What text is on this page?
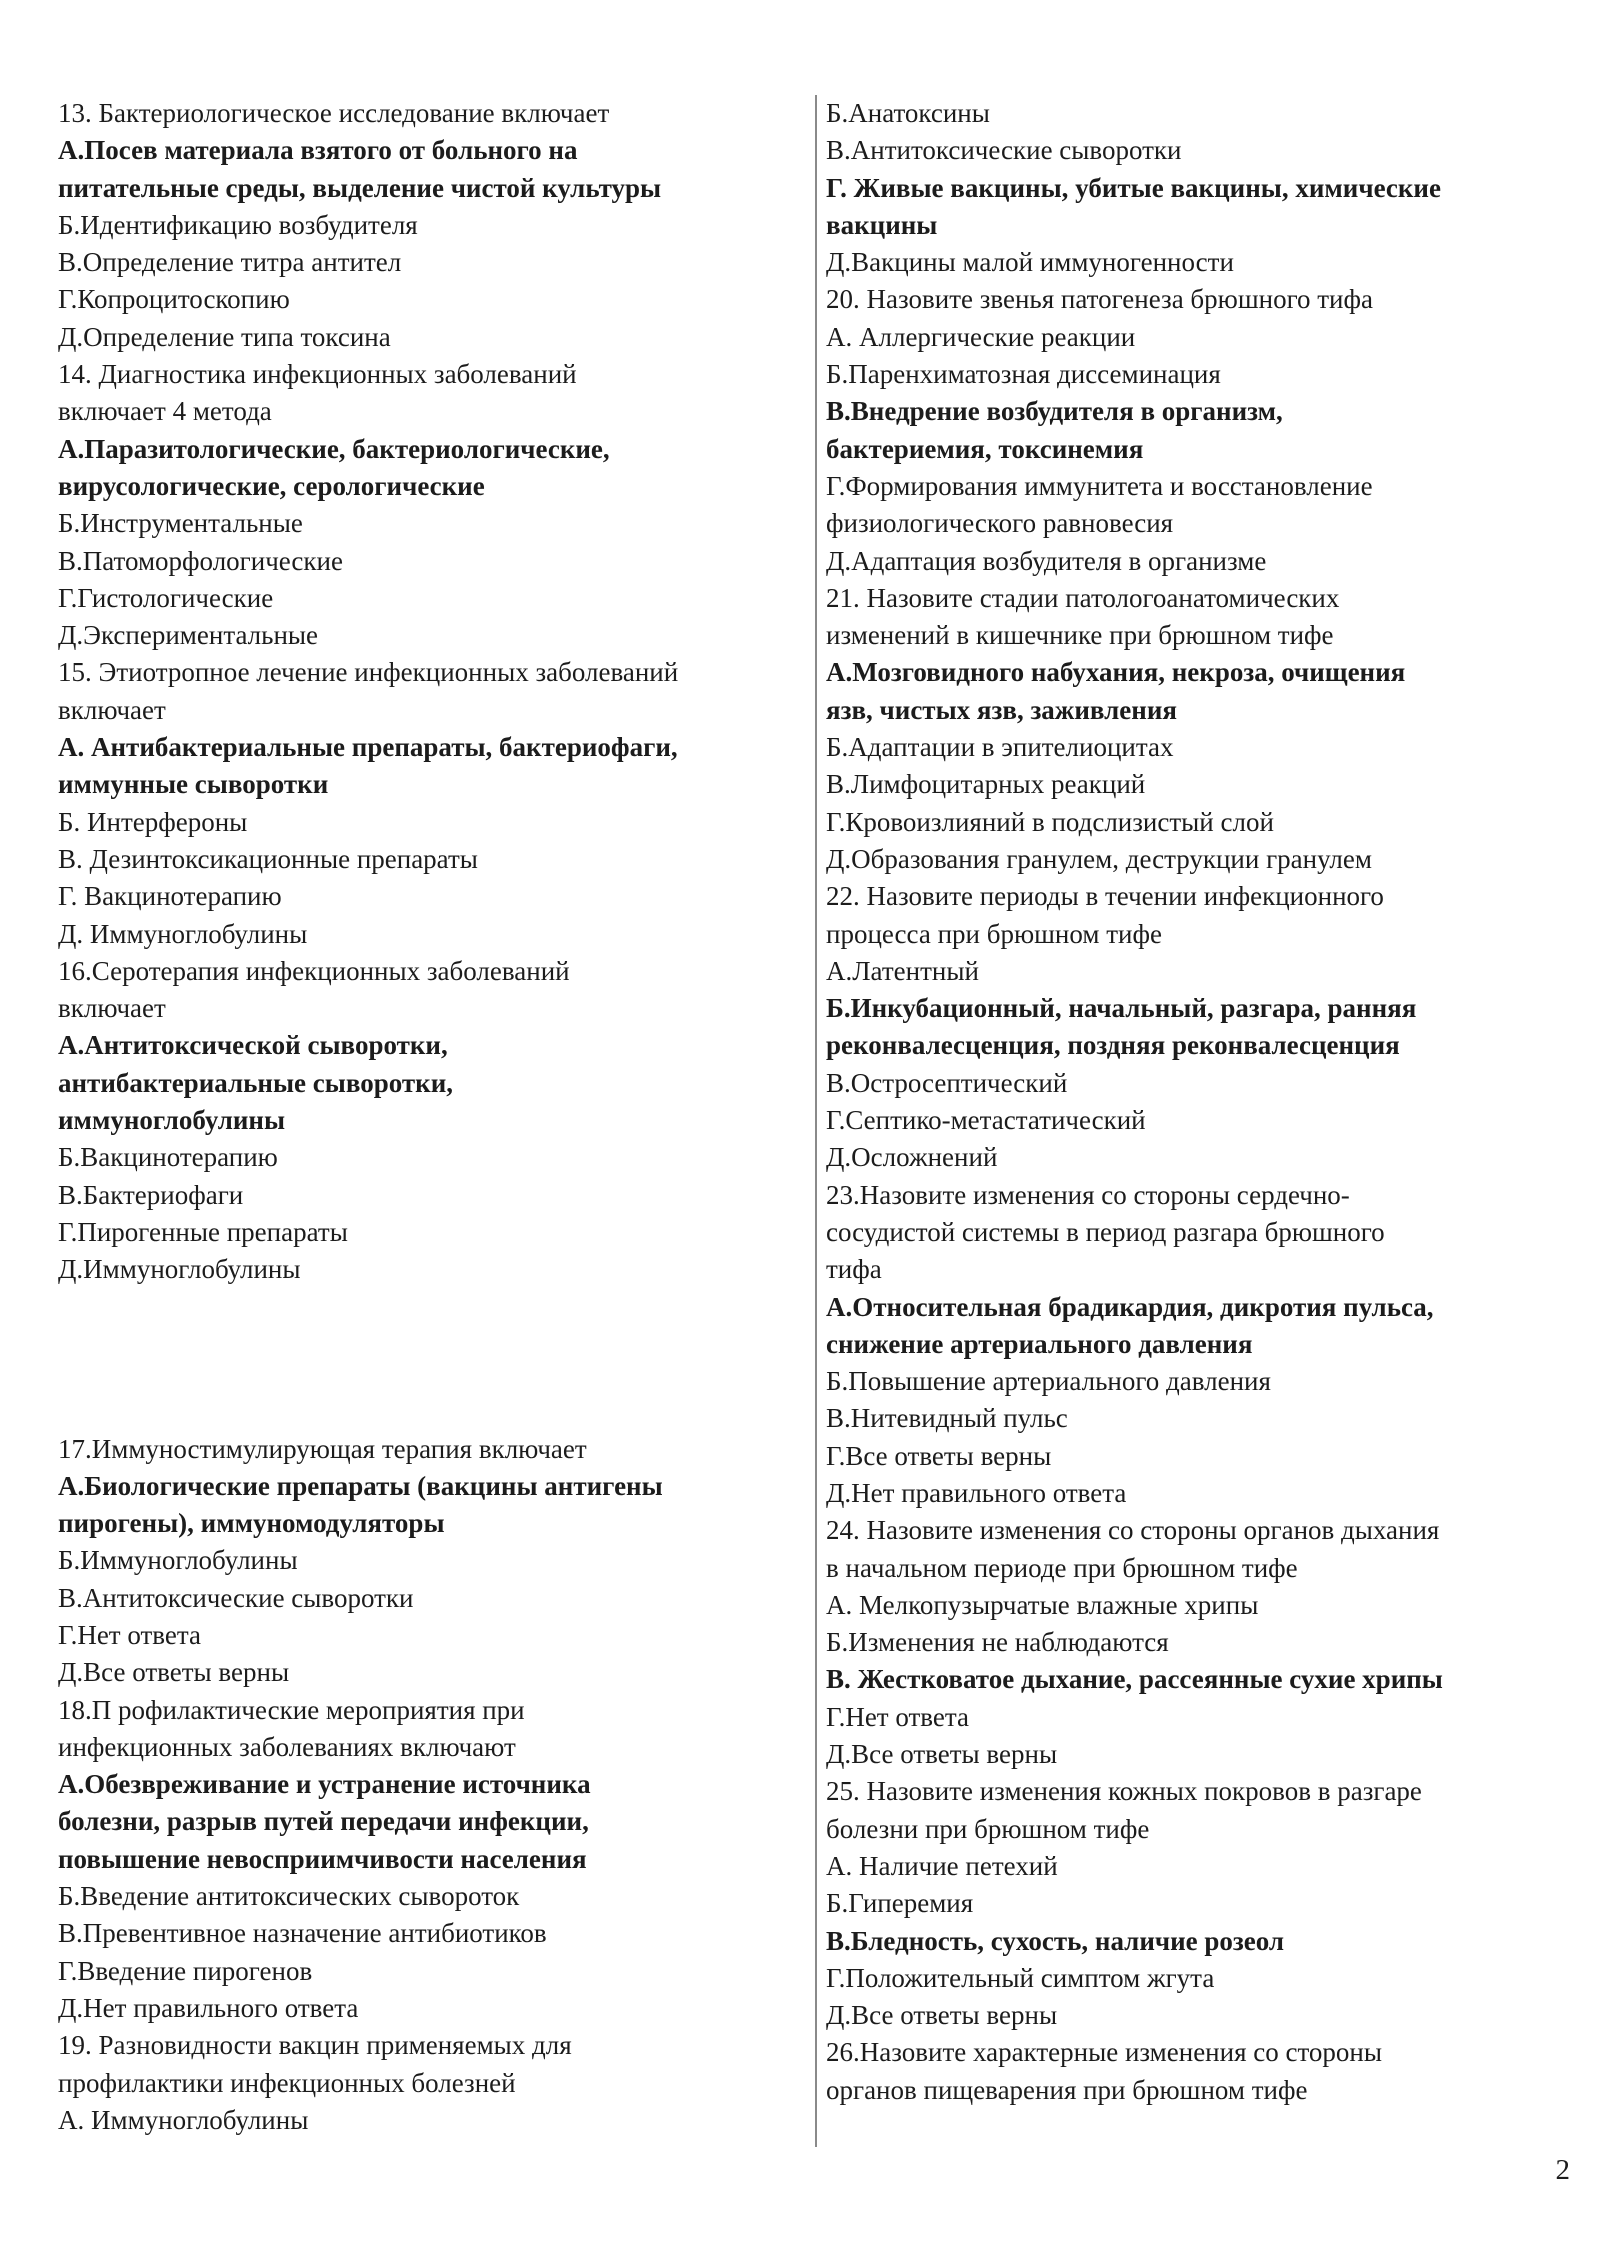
13. Бактериологическое исследование включает
А.Посев материала взятого от больного на
питательные среды, выделение чистой культуры
Б.Идентификацию возбудителя
В.Определение титра антител
Г.Копроцитоскопию
Д.Определение типа токсина
14. Диагностика инфекционных заболеваний
включает 4 метода
А.Паразитологические, бактериологические,
вирусологические, серологические
Б.Инструментальные
В.Патоморфологические
Г.Гистологические
Д.Экспериментальные
15. Этиотропное лечение инфекционных заболеваний
включает
А. Антибактериальные препараты, бактериофаги,
иммунные сыворотки
Б. Интерфероны
В. Дезинтоксикационные препараты
Г. Вакцинотерапию
Д. Иммуноглобулины
16.Серотерапия инфекционных заболеваний
включает
А.Антитоксической сыворотки,
антибактериальные сыворотки,
иммуноглобулины
Б.Вакцинотерапию
В.Бактериофаги
Г.Пирогенные препараты
Д.Иммуноглобулины
17.Иммуностимулирующая терапия включает
А.Биологические препараты (вакцины антигены
пирогены), иммуномодуляторы
Б.Иммуноглобулины
В.Антитоксические сыворотки
Г.Нет ответа
Д.Все ответы верны
18.П рофилактические мероприятия при
инфекционных заболеваниях включают
А.Обезвреживание и устранение источника
болезни, разрыв путей передачи инфекции,
повышение невосприимчивости населения
Б.Введение антитоксических сывороток
В.Превентивное назначение антибиотиков
Г.Введение пирогенов
Д.Нет правильного ответа
19. Разновидности вакцин применяемых для
профилактики инфекционных болезней
А. Иммуноглобулины
Б.Анатоксины
В.Антитоксические сыворотки
Г. Живые вакцины, убитые вакцины, химические
вакцины
Д.Вакцины малой иммуногенности
20. Назовите звенья патогенеза брюшного тифа
А. Аллергические реакции
Б.Паренхиматозная диссеминация
В.Внедрение возбудителя в организм,
бактериемия, токсинемия
Г.Формирования иммунитета и восстановление
физиологического равновесия
Д.Адаптация возбудителя в организме
21. Назовите стадии патологоанатомических
изменений в кишечнике при брюшном тифе
А.Мозговидного набухания, некроза, очищения
язв, чистых язв, заживления
Б.Адаптации в эпителиоцитах
В.Лимфоцитарных реакций
Г.Кровоизлияний в подслизистый слой
Д.Образования гранулем, деструкции гранулем
22. Назовите периоды в течении инфекционного
процесса при брюшном тифе
А.Латентный
Б.Инкубационный, начальный, разгара, ранняя
реконвалесценция, поздняя реконвалесценция
В.Остросептический
Г.Септико-метастатический
Д.Осложнений
23.Назовите изменения со стороны сердечно-
сосудистой системы в период разгара брюшного
тифа
А.Относительная брадикардия, дикротия пульса,
снижение артериального давления
Б.Повышение артериального давления
В.Нитевидный пульс
Г.Все ответы верны
Д.Нет правильного ответа
24. Назовите изменения со стороны органов дыхания
в начальном периоде при брюшном тифе
А. Мелкопузырчатые влажные хрипы
Б.Изменения не наблюдаются
В. Жестковатое дыхание, рассеянные сухие хрипы
Г.Нет ответа
Д.Все ответы верны
25. Назовите изменения кожных покровов в разгаре
болезни при брюшном тифе
А. Наличие петехий
Б.Гиперемия
В.Бледность, сухость, наличие розеол
Г.Положительный симптом жгута
Д.Все ответы верны
26.Назовите характерные изменения со стороны
органов пищеварения при брюшном тифе
2
